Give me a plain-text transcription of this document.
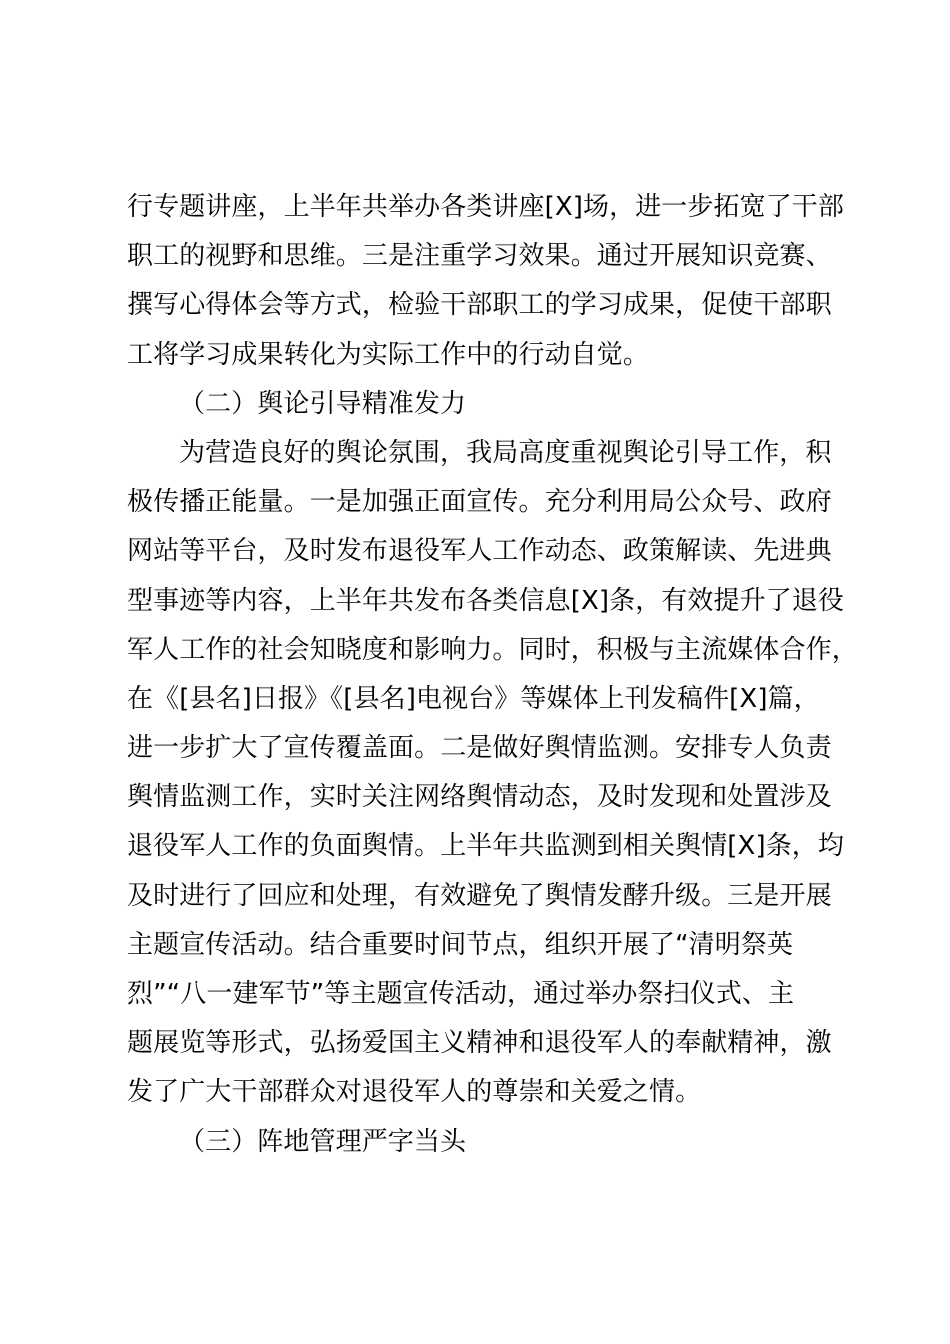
行专题讲座，上半年共举办各类讲座[X]场，进一步拓宽了干部
职工的视野和思维。三是注重学习效果。通过开展知识竞赛、
撰写心得体会等方式，检验干部职工的学习成果，促使干部职
工将学习成果转化为实际工作中的行动自觉。
（二）舆论引导精准发力
为营造良好的舆论氛围，我局高度重视舆论引导工作，积
极传播正能量。一是加强正面宣传。充分利用局公众号、政府
网站等平台，及时发布退役军人工作动态、政策解读、先进典
型事迹等内容，上半年共发布各类信息[X]条，有效提升了退役
军人工作的社会知晓度和影响力。同时，积极与主流媒体合作，
在《[县名]日报》《[县名]电视台》等媒体上刊发稿件[X]篇，
进一步扩大了宣传覆盖面。二是做好舆情监测。安排专人负责
舆情监测工作，实时关注网络舆情动态，及时发现和处置涉及
退役军人工作的负面舆情。上半年共监测到相关舆情[X]条，均
及时进行了回应和处理，有效避免了舆情发酵升级。三是开展
主题宣传活动。结合重要时间节点，组织开展了“清明祭英
烈”“八一建军节”等主题宣传活动，通过举办祭扫仪式、主
题展览等形式，弘扬爱国主义精神和退役军人的奉献精神，激
发了广大干部群众对退役军人的尊崇和关爱之情。
（三）阵地管理严字当头
